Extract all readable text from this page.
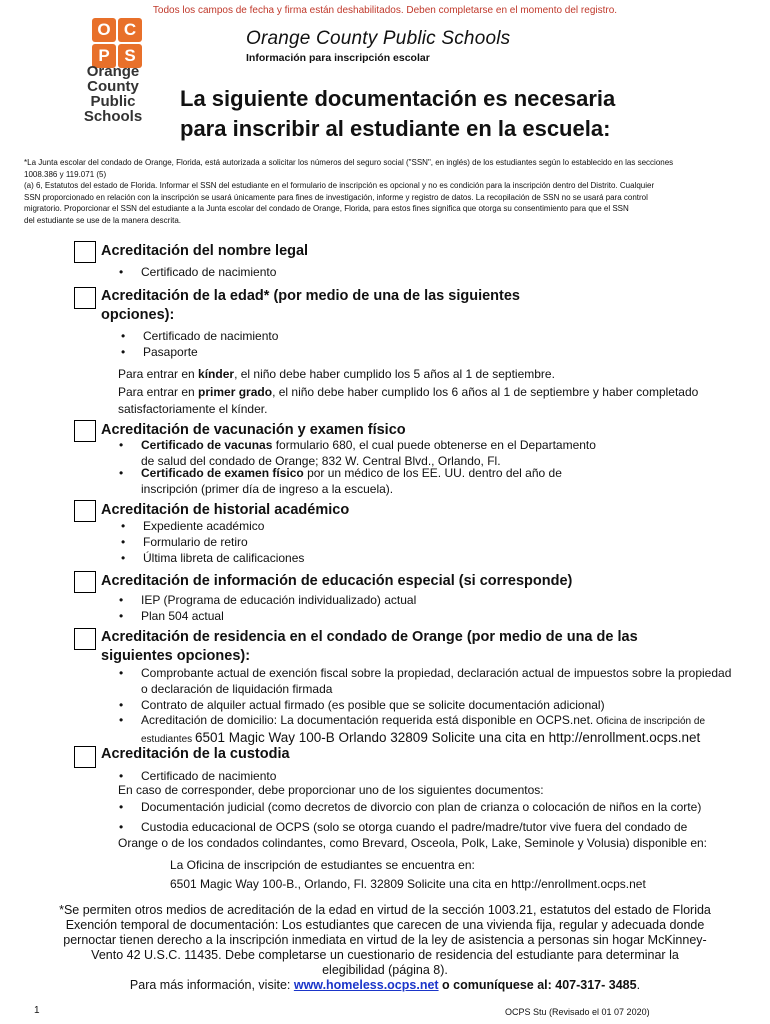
Todos los campos de fecha y firma están deshabilitados. Deben completarse en el momento del registro.
O C
P S
Orange County Public Schools
Orange County Public Schools
Información para inscripción escolar
La siguiente documentación es necesaria
para inscribir al estudiante en la escuela:
*La Junta escolar del condado de Orange, Florida, está autorizada a solicitar los números del seguro social ("SSN", en inglés) de los estudiantes según lo establecido en las secciones
1008.386 y 119.071 (5)
(a) 6, Estatutos del estado de Florida. Informar el SSN del estudiante en el formulario de inscripción es opcional y no es condición para la inscripción dentro del Distrito. Cualquier
SSN proporcionado en relación con la inscripción se usará únicamente para fines de investigación, informe y registro de datos. La recopilación de SSN no se usará para control
migratorio. Proporcionar el SSN del estudiante a la Junta escolar del condado de Orange, Florida, para estos fines significa que otorga su consentimiento para que el SSN
del estudiante se use de la manera descrita.
Acreditación del nombre legal
• Certificado de nacimiento
Acreditación de la edad* (por medio de una de las siguientes
opciones):
• Certificado de nacimiento
• Pasaporte
Para entrar en kínder, el niño debe haber cumplido los 5 años al 1 de septiembre.
Para entrar en primer grado, el niño debe haber cumplido los 6 años al 1 de septiembre y haber completado
satisfactoriamente el kínder.
Acreditación de vacunación y examen físico
• Certificado de vacunas formulario 680, el cual puede obtenerse en el Departamento
de salud del condado de Orange; 832 W. Central Blvd., Orlando, Fl.
• Certificado de examen físico por un médico de los EE. UU. dentro del año de
inscripción (primer día de ingreso a la escuela).
Acreditación de historial académico
• Expediente académico
• Formulario de retiro
• Última libreta de calificaciones
Acreditación de información de educación especial (si corresponde)
• IEP (Programa de educación individualizado) actual
• Plan 504 actual
Acreditación de residencia en el condado de Orange (por medio de una de las
siguientes opciones):
• Comprobante actual de exención fiscal sobre la propiedad, declaración actual de impuestos sobre la propiedad
o declaración de liquidación firmada
• Contrato de alquiler actual firmado (es posible que se solicite documentación adicional)
• Acreditación de domicilio: La documentación requerida está disponible en OCPS.net. Oficina de inscripción de
estudiantes 6501 Magic Way 100-B Orlando 32809 Solicite una cita en http://enrollment.ocps.net
Acreditación de la custodia
• Certificado de nacimiento
En caso de corresponder, debe proporcionar uno de los siguientes documentos:
• Documentación judicial (como decretos de divorcio con plan de crianza o colocación de niños en la corte)
• Custodia educacional de OCPS (solo se otorga cuando el padre/madre/tutor vive fuera del condado de
Orange o de los condados colindantes, como Brevard, Osceola, Polk, Lake, Seminole y Volusia) disponible en:
La Oficina de inscripción de estudiantes se encuentra en:
6501 Magic Way 100-B., Orlando, Fl. 32809 Solicite una cita en http://enrollment.ocps.net
*Se permiten otros medios de acreditación de la edad en virtud de la sección 1003.21, estatutos del estado de Florida
Exención temporal de documentación: Los estudiantes que carecen de una vivienda fija, regular y adecuada donde
pernoctar tienen derecho a la inscripción inmediata en virtud de la ley de asistencia a personas sin hogar McKinney-
Vento 42 U.S.C. 11435. Debe completarse un cuestionario de residencia del estudiante para determinar la
elegibilidad (página 8).
Para más información, visite: www.homeless.ocps.net o comuníquese al: 407-317- 3485.
1	OCPS Stu (Revisado el 01 07 2020)
